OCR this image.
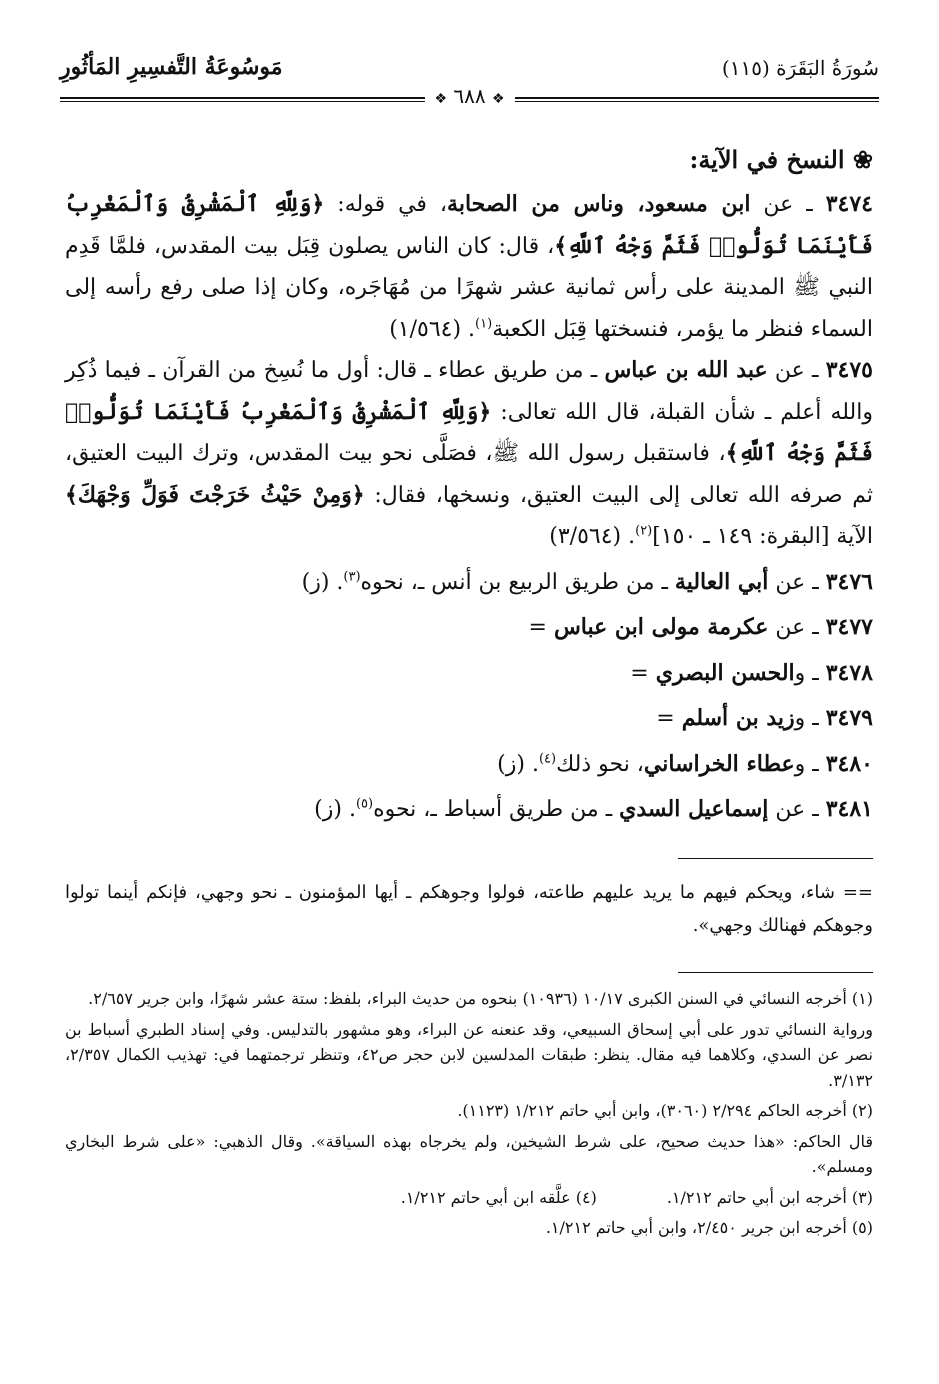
سُورَةُ البَقَرَة (١١٥)
مَوسُوعَةُ التَّفسِيرِ المَأثُورِ
❖ ٦٨٨ ❖
❀ النسخ في الآية:

٣٤٧٤ ـ عن ابن مسعود، وناس من الصحابة، في قوله: ﴿وَلِلَّهِ ٱلْمَشْرِقُ وَٱلْمَغْرِبُ فَأَيْنَمَا تُوَلُّوا۟ فَثَمَّ وَجْهُ ٱللَّهِ﴾، قال: كان الناس يصلون قِبَل بيت المقدس، فلمَّا قَدِم النبي ﷺ المدينة على رأس ثمانية عشر شهرًا من مُهَاجَره، وكان إذا صلى رفع رأسه إلى السماء فنظر ما يؤمر، فنسختها قِبَل الكعبة$^{(١)}$. (١/٥٦٤)

٣٤٧٥ ـ عن عبد الله بن عباس ـ من طريق عطاء ـ قال: أول ما نُسِخ من القرآن ـ فيما ذُكِر والله أعلم ـ شأن القبلة، قال الله تعالى: ﴿وَلِلَّهِ ٱلْمَشْرِقُ وَٱلْمَغْرِبُ فَأَيْنَمَا تُوَلُّوا۟ فَثَمَّ وَجْهُ ٱللَّهِ﴾، فاستقبل رسول الله ﷺ، فصَلَّى نحو بيت المقدس، وترك البيت العتيق، ثم صرفه الله تعالى إلى البيت العتيق، ونسخها، فقال: ﴿وَمِنْ حَيْثُ خَرَجْتَ فَوَلِّ وَجْهَكَ﴾ الآية [البقرة: ١٤٩ ـ ١٥٠]$^{(٢)}$. (٣/٥٦٤)

٣٤٧٦ ـ عن أبي العالية ـ من طريق الربيع بن أنس ـ، نحوه$^{(٣)}$. (ز)

٣٤٧٧ ـ عن عكرمة مولى ابن عباس =

٣٤٧٨ ـ والحسن البصري =

٣٤٧٩ ـ وزيد بن أسلم =

٣٤٨٠ ـ وعطاء الخراساني، نحو ذلك$^{(٤)}$. (ز)

٣٤٨١ ـ عن إسماعيل السدي ـ من طريق أسباط ـ، نحوه$^{(٥)}$. (ز)

== شاء، ويحكم فيهم ما يريد عليهم طاعته، فولوا وجوهكم ـ أيها المؤمنون ـ نحو وجهي، فإنكم أينما تولوا وجوهكم فهنالك وجهي».

(١) أخرجه النسائي في السنن الكبرى ١٠/١٧ (١٠٩٣٦) بنحوه من حديث البراء، بلفظ: ستة عشر شهرًا، وابن جرير ٢/٦٥٧.

ورواية النسائي تدور على أبي إسحاق السبيعي، وقد عنعنه عن البراء، وهو مشهور بالتدليس. وفي إسناد الطبري أسباط بن نصر عن السدي، وكلاهما فيه مقال. ينظر: طبقات المدلسين لابن حجر ص٤٢، وتنظر ترجمتهما في: تهذيب الكمال ٢/٣٥٧، ٣/١٣٢.

(٢) أخرجه الحاكم ٢/٢٩٤ (٣٠٦٠)، وابن أبي حاتم ١/٢١٢ (١١٢٣).

قال الحاكم: «هذا حديث صحيح، على شرط الشيخين، ولم يخرجاه بهذه السياقة». وقال الذهبي: «على شرط البخاري ومسلم».

(٣) أخرجه ابن أبي حاتم ١/٢١٢.
(٤) علَّقه ابن أبي حاتم ١/٢١٢.

(٥) أخرجه ابن جرير ٢/٤٥٠، وابن أبي حاتم ١/٢١٢.
